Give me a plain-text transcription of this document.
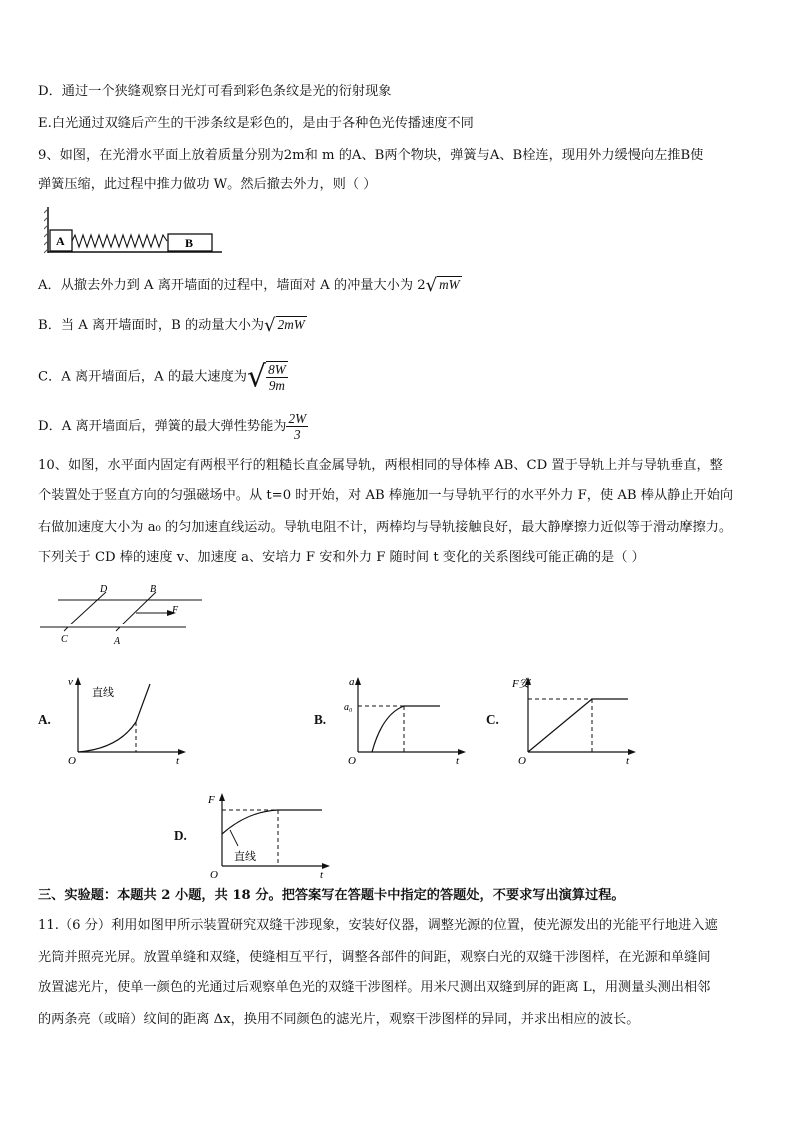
D．通过一个狭缝观察日光灯可看到彩色条纹是光的衍射现象
E.白光通过双缝后产生的干涉条纹是彩色的，是由于各种色光传播速度不同
9、如图，在光滑水平面上放着质量分别为2m和 m 的A、B两个物块，弹簧与A、B栓连，现用外力缓慢向左推B使
弹簧压缩，此过程中推力做功 W。然后撤去外力，则（ ）
A	B
A．从撤去外力到 A 离开墙面的过程中，墙面对 A 的冲量大小为 2√ mW
B．当 A 离开墙面时，B 的动量大小为√ 2mW
C．A 离开墙面后，A 的最大速度为√ $\frac{8W}{9m}$
D．A 离开墙面后，弹簧的最大弹性势能为 $\frac{2W}{3}$
10、如图，水平面内固定有两根平行的粗糙长直金属导轨，两根相同的导体棒 AB、CD 置于导轨上并与导轨垂直，整
个装置处于竖直方向的匀强磁场中。从 t=0 时开始，对 AB 棒施加一与导轨平行的水平外力 F，使 AB 棒从静止开始向
右做加速度大小为 a₀ 的匀加速直线运动。导轨电阻不计，两棒均与导轨接触良好，最大静摩擦力近似等于滑动摩擦力。
下列关于 CD 棒的速度 v、加速度 a、安培力 F 安和外力 F 随时间 t 变化的关系图线可能正确的是（ ）
D	B
F
C	A
A.
v
O	t
直线
B.
a
a₀
O	t
C.
F安
O	t
D.
F
直线
O	t
三、实验题：本题共 2 小题，共 18 分。把答案写在答题卡中指定的答题处，不要求写出演算过程。
11.（6 分）利用如图甲所示装置研究双缝干涉现象，安装好仪器，调整光源的位置，使光源发出的光能平行地进入遮
光筒并照亮光屏。放置单缝和双缝，使缝相互平行，调整各部件的间距，观察白光的双缝干涉图样，在光源和单缝间
放置滤光片，使单一颜色的光通过后观察单色光的双缝干涉图样。用米尺测出双缝到屏的距离 L，用测量头测出相邻
的两条亮（或暗）纹间的距离 Δx，换用不同颜色的滤光片，观察干涉图样的异同，并求出相应的波长。
